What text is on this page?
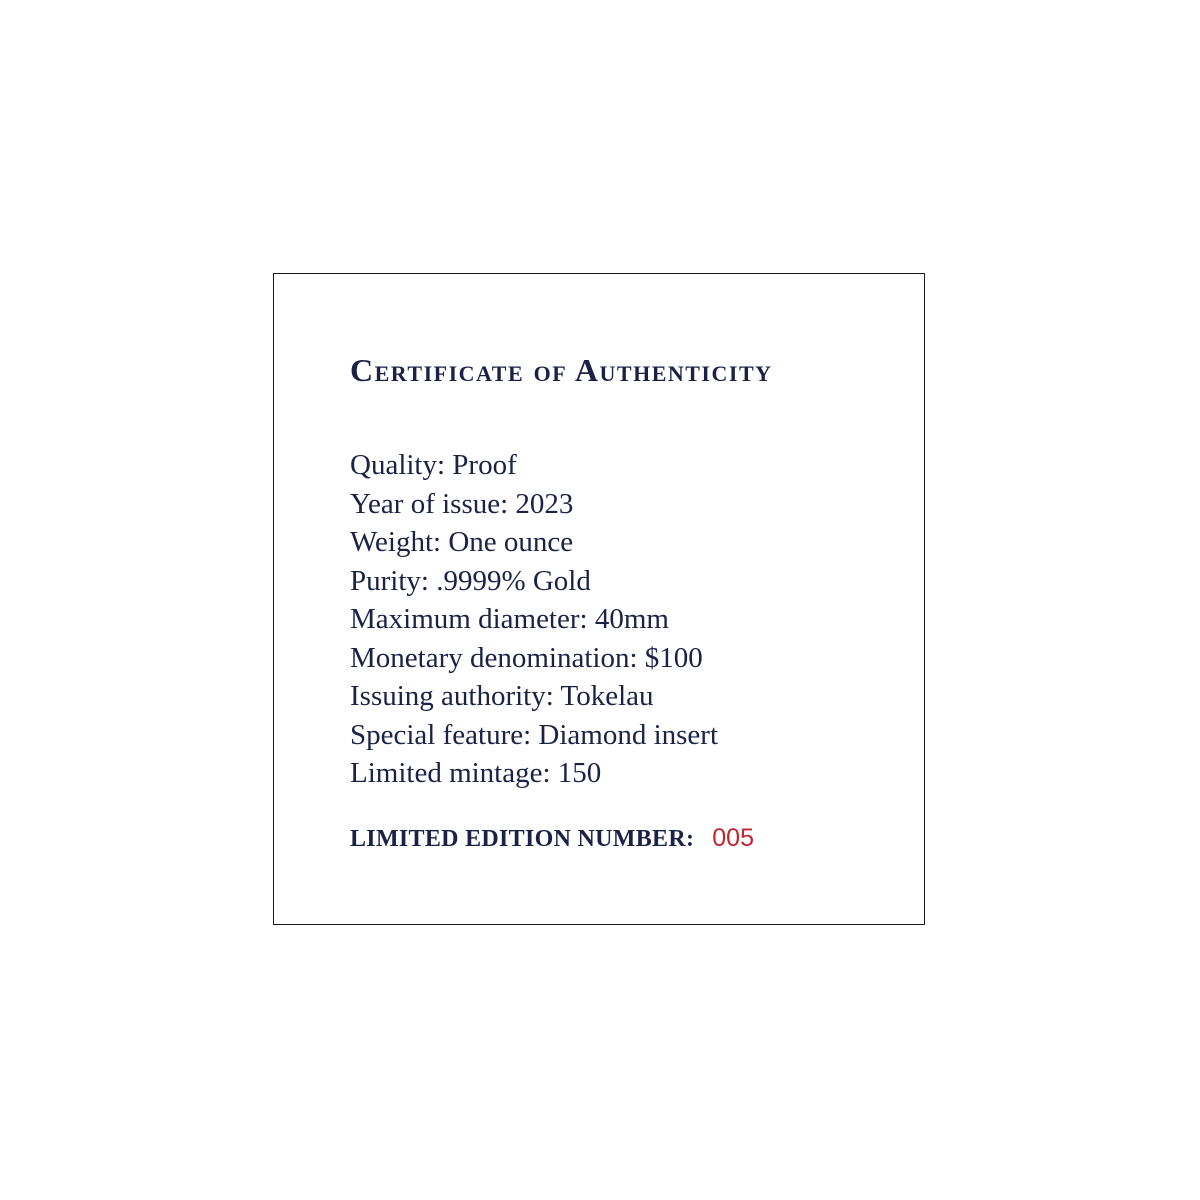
Certificate of Authenticity
Quality: Proof
Year of issue: 2023
Weight: One ounce
Purity: .9999% Gold
Maximum diameter: 40mm
Monetary denomination: $100
Issuing authority: Tokelau
Special feature: Diamond insert
Limited mintage: 150
LIMITED EDITION NUMBER: 005
